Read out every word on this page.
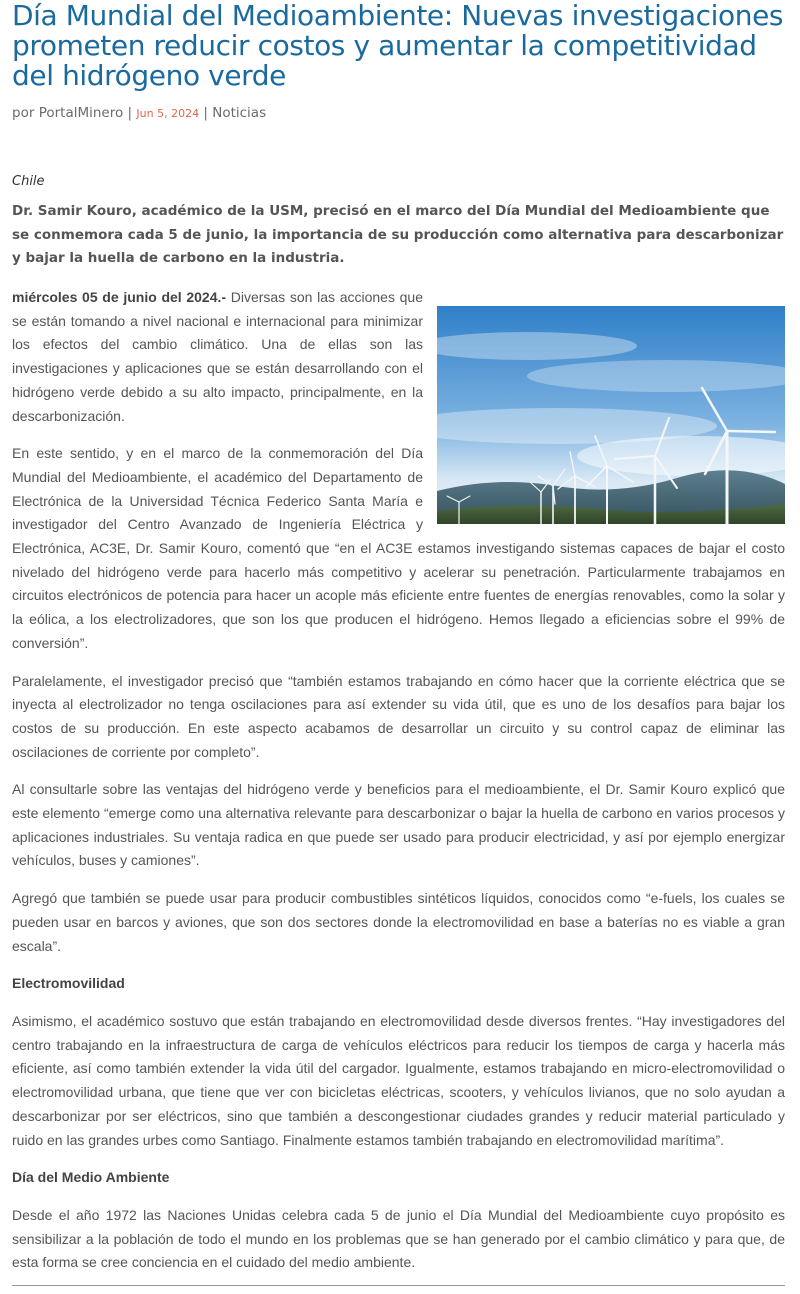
Día Mundial del Medioambiente: Nuevas investigaciones prometen reducir costos y aumentar la competitividad del hidrógeno verde
por PortalMinero | Jun 5, 2024 | Noticias
Chile
Dr. Samir Kouro, académico de la USM, precisó en el marco del Día Mundial del Medioambiente que se conmemora cada 5 de junio, la importancia de su producción como alternativa para descarbonizar y bajar la huella de carbono en la industria.

miércoles 05 de junio del 2024.- Diversas son las acciones que se están tomando a nivel nacional e internacional para minimizar los efectos del cambio climático. Una de ellas son las investigaciones y aplicaciones que se están desarrollando con el hidrógeno verde debido a su alto impacto, principalmente, en la descarbonización.

En este sentido, y en el marco de la conmemoración del Día Mundial del Medioambiente, el académico del Departamento de Electrónica de la Universidad Técnica Federico Santa María e investigador del Centro Avanzado de Ingeniería Eléctrica y Electrónica, AC3E, Dr. Samir Kouro, comentó que “en el AC3E estamos investigando sistemas capaces de bajar el costo nivelado del hidrógeno verde para hacerlo más competitivo y acelerar su penetración. Particularmente trabajamos en circuitos electrónicos de potencia para hacer un acople más eficiente entre fuentes de energías renovables, como la solar y la eólica, a los electrolizadores, que son los que producen el hidrógeno. Hemos llegado a eficiencias sobre el 99% de conversión”.

Paralelamente, el investigador precisó que “también estamos trabajando en cómo hacer que la corriente eléctrica que se inyecta al electrolizador no tenga oscilaciones para así extender su vida útil, que es uno de los desafíos para bajar los costos de su producción. En este aspecto acabamos de desarrollar un circuito y su control capaz de eliminar las oscilaciones de corriente por completo”.

Al consultarle sobre las ventajas del hidrógeno verde y beneficios para el medioambiente, el Dr. Samir Kouro explicó que este elemento “emerge como una alternativa relevante para descarbonizar o bajar la huella de carbono en varios procesos y aplicaciones industriales. Su ventaja radica en que puede ser usado para producir electricidad, y así por ejemplo energizar vehículos, buses y camiones”.

Agregó que también se puede usar para producir combustibles sintéticos líquidos, conocidos como “e-fuels, los cuales se pueden usar en barcos y aviones, que son dos sectores donde la electromovilidad en base a baterías no es viable a gran escala”.

Electromovilidad

Asimismo, el académico sostuvo que están trabajando en electromovilidad desde diversos frentes. “Hay investigadores del centro trabajando en la infraestructura de carga de vehículos eléctricos para reducir los tiempos de carga y hacerla más eficiente, así como también extender la vida útil del cargador. Igualmente, estamos trabajando en micro-electromovilidad o electromovilidad urbana, que tiene que ver con bicicletas eléctricas, scooters, y vehículos livianos, que no solo ayudan a descarbonizar por ser eléctricos, sino que también a descongestionar ciudades grandes y reducir material particulado y ruido en las grandes urbes como Santiago. Finalmente estamos también trabajando en electromovilidad marítima”.

Día del Medio Ambiente

Desde el año 1972 las Naciones Unidas celebra cada 5 de junio el Día Mundial del Medioambiente cuyo propósito es sensibilizar a la población de todo el mundo en los problemas que se han generado por el cambio climático y para que, de esta forma se cree conciencia en el cuidado del medio ambiente.
